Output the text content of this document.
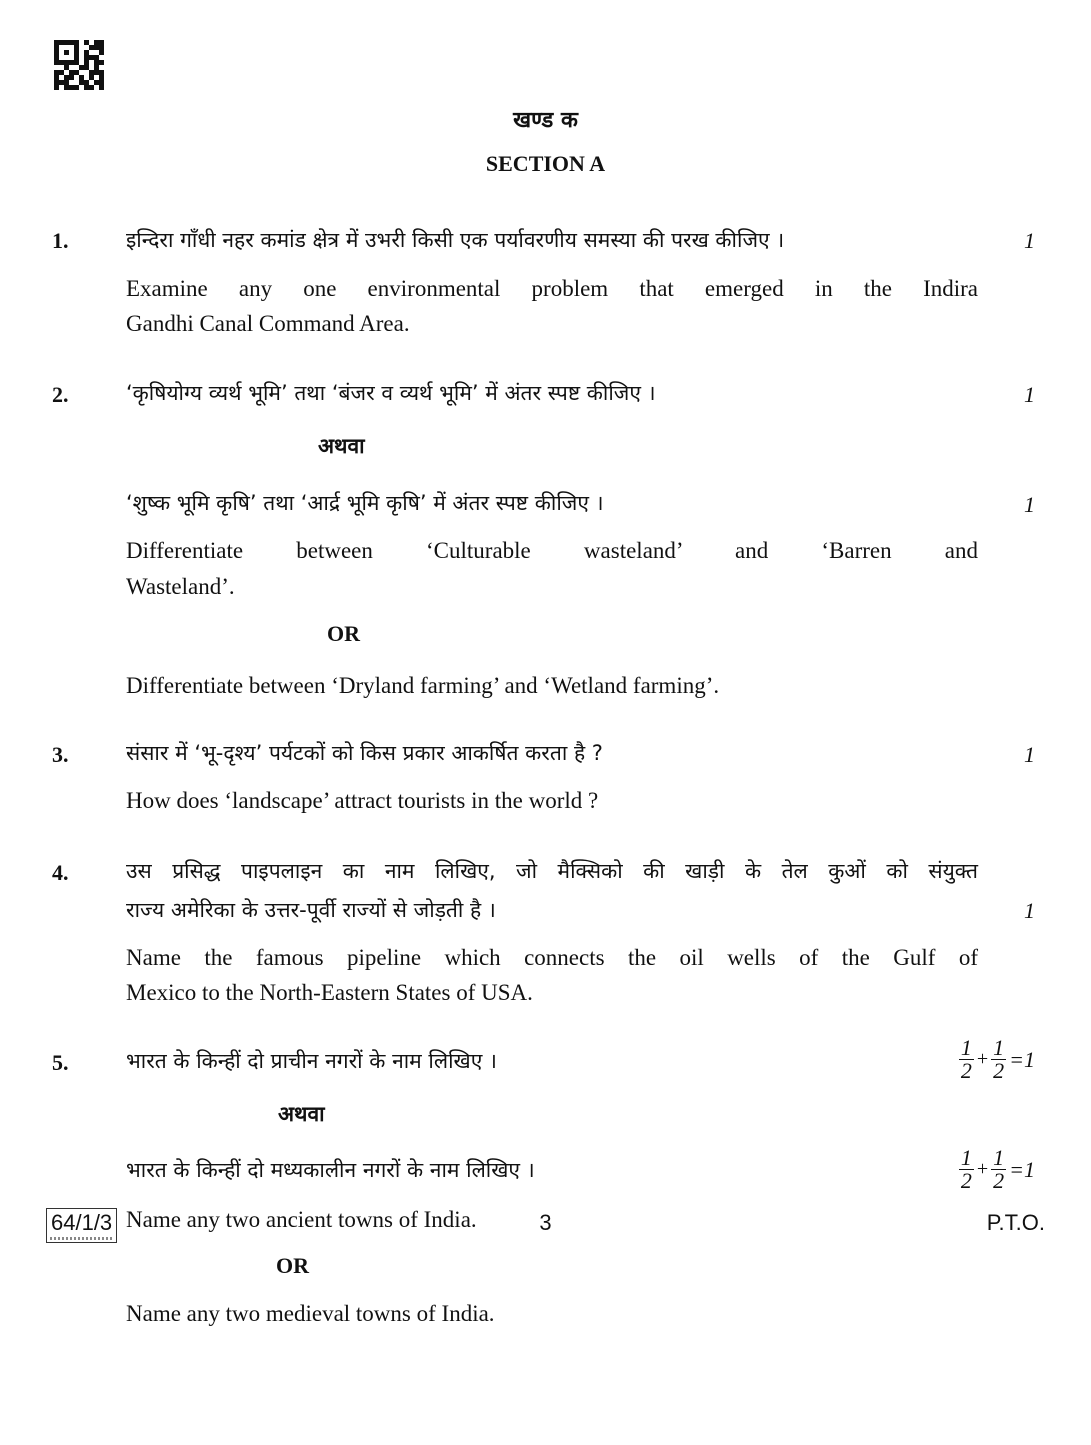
खण्ड क
SECTION A
1.	इन्दिरा गाँधी नहर कमांड क्षेत्र में उभरी किसी एक पर्यावरणीय समस्या की परख कीजिए ।	1
Examine any one environmental problem that emerged in the Indira
Gandhi Canal Command Area.
2.	‘कृषियोग्य व्यर्थ भूमि’ तथा ‘बंजर व व्यर्थ भूमि’ में अंतर स्पष्ट कीजिए ।	1
अथवा
‘शुष्क भूमि कृषि’ तथा ‘आर्द्र भूमि कृषि’ में अंतर स्पष्ट कीजिए ।	1
Differentiate between ‘Culturable wasteland’ and ‘Barren and
Wasteland’.
OR
Differentiate between ‘Dryland farming’ and ‘Wetland farming’.
3.	संसार में ‘भू-दृश्य’ पर्यटकों को किस प्रकार आकर्षित करता है ?	1
How does ‘landscape’ attract tourists in the world ?
4.	उस प्रसिद्ध पाइपलाइन का नाम लिखिए, जो मैक्सिको की खाड़ी के तेल कुओं को संयुक्त
राज्य अमेरिका के उत्तर-पूर्वी राज्यों से जोड़ती है ।	1
Name the famous pipeline which connects the oil wells of the Gulf of
Mexico to the North-Eastern States of USA.
5.	भारत के किन्हीं दो प्राचीन नगरों के नाम लिखिए ।	$\frac{1}{2} + \frac{1}{2} =1$
अथवा
भारत के किन्हीं दो मध्यकालीन नगरों के नाम लिखिए ।	$\frac{1}{2} + \frac{1}{2} =1$
Name any two ancient towns of India.
OR
Name any two medieval towns of India.
64/1/3	3	P.T.O.
